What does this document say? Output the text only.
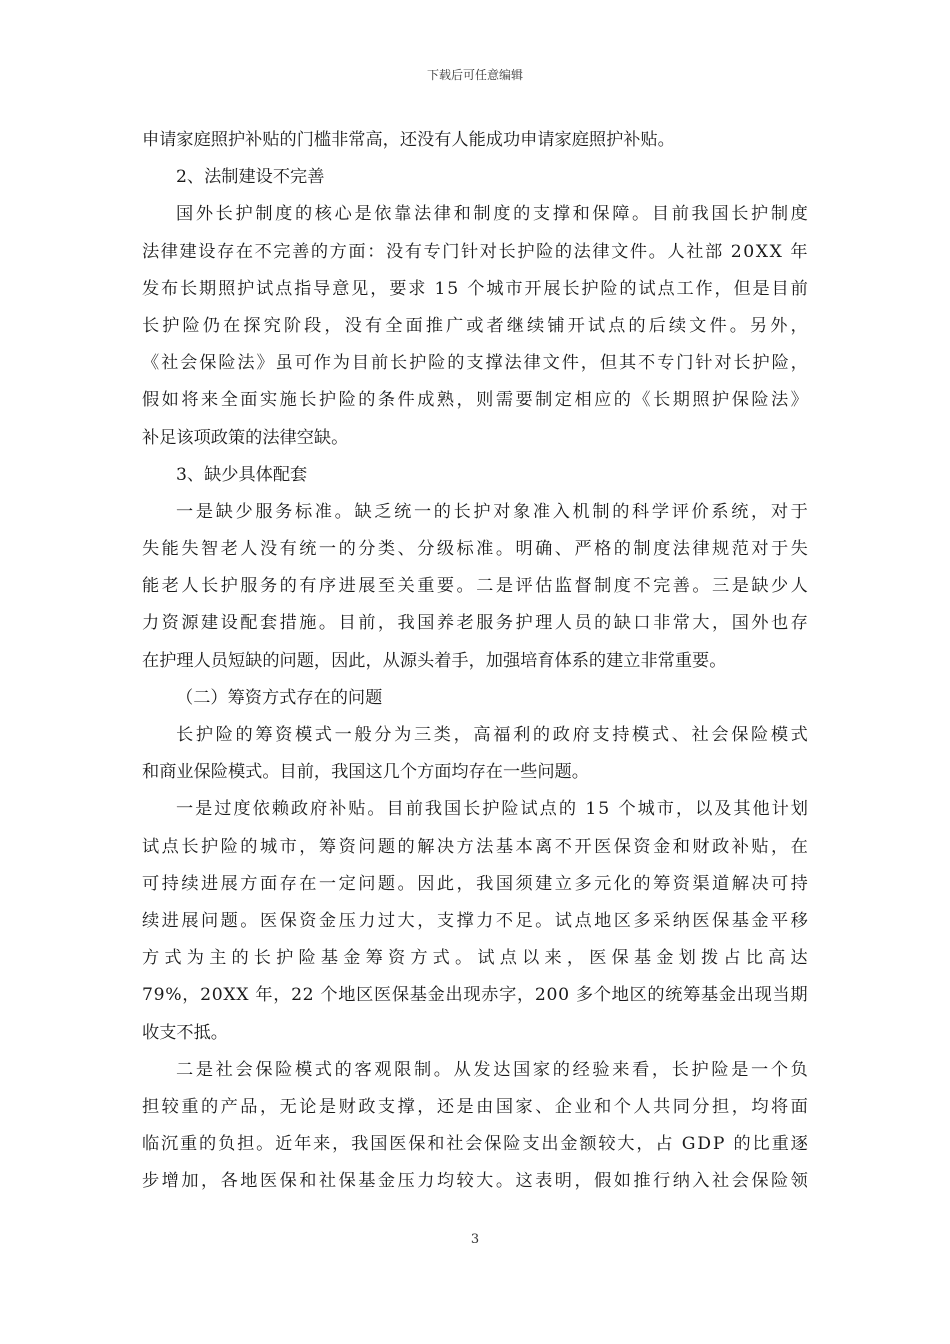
下载后可任意编辑
申请家庭照护补贴的门槛非常高，还没有人能成功申请家庭照护补贴。
2、法制建设不完善
国 外 长 护 制 度 的 核 心 是 依 靠 法 律 和 制 度 的 支 撑 和 保 障 。 目 前 我 国 长 护 制 度
法 律 建 设 存 在 不 完 善 的 方 面 ： 没 有 专 门 针 对 长 护 险 的 法 律 文 件 。 人 社 部
2 0 X X
年
发 布 长 期 照 护 试 点 指 导 意 见 ， 要 求
1 5
个 城 市 开 展 长 护 险 的 试 点 工 作 ， 但 是 目 前
长 护 险 仍 在 探 究 阶 段 ， 没 有 全 面 推 广 或 者 继 续 铺 开 试 点 的 后 续 文 件 。 另 外 ，
《 社 会 保 险 法 》 虽 可 作 为 目 前 长 护 险 的 支 撑 法 律 文 件 ， 但 其 不 专 门 针 对 长 护 险 ，
假 如 将 来 全 面 实 施 长 护 险 的 条 件 成 熟 ， 则 需 要 制 定 相 应 的 《 长 期 照 护 保 险 法 》
补足该项政策的法律空缺。
3、缺少具体配套
一 是 缺 少 服 务 标 准 。 缺 乏 统 一 的 长 护 对 象 准 入 机 制 的 科 学 评 价 系 统 ， 对 于
失 能 失 智 老 人 没 有 统 一 的 分 类 、 分 级 标 准 。 明 确 、 严 格 的 制 度 法 律 规 范 对 于 失
能 老 人 长 护 服 务 的 有 序 进 展 至 关 重 要 。 二 是 评 估 监 督 制 度 不 完 善 。 三 是 缺 少 人
力 资 源 建 设 配 套 措 施 。 目 前 ， 我 国 养 老 服 务 护 理 人 员 的 缺 口 非 常 大 ， 国 外 也 存
在护理人员短缺的问题，因此，从源头着手，加强培育体系的建立非常重要。
（二）筹资方式存在的问题
长 护 险 的 筹 资 模 式 一 般 分 为 三 类 ， 高 福 利 的 政 府 支 持 模 式 、 社 会 保 险 模 式
和商业保险模式。目前，我国这几个方面均存在一些问题。
一 是 过 度 依 赖 政 府 补 贴 。 目 前 我 国 长 护 险 试 点 的
1 5
个 城 市 ， 以 及 其 他 计 划
试 点 长 护 险 的 城 市 ， 筹 资 问 题 的 解 决 方 法 基 本 离 不 开 医 保 资 金 和 财 政 补 贴 ， 在
可 持 续 进 展 方 面 存 在 一 定 问 题 。 因 此 ， 我 国 须 建 立 多 元 化 的 筹 资 渠 道 解 决 可 持
续 进 展 问 题 。 医 保 资 金 压 力 过 大 ， 支 撑 力 不 足 。 试 点 地 区 多 采 纳 医 保 基 金 平 移
方 式 为 主 的 长 护 险 基 金 筹 资 方 式 。 试 点 以 来 ， 医 保 基 金 划 拨 占 比 高 达
7 9 % ， 2 0 X X
年 ， 2 2
个 地 区 医 保 基 金 出 现 赤 字 ， 2 0 0
多 个 地 区 的 统 筹 基 金 出 现 当 期
收支不抵。
二 是 社 会 保 险 模 式 的 客 观 限 制 。 从 发 达 国 家 的 经 验 来 看 ， 长 护 险 是 一 个 负
担 较 重 的 产 品 ， 无 论 是 财 政 支 撑 ， 还 是 由 国 家 、 企 业 和 个 人 共 同 分 担 ， 均 将 面
临 沉 重 的 负 担 。 近 年 来 ， 我 国 医 保 和 社 会 保 险 支 出 金 额 较 大 ， 占
G D P
的 比 重 逐
步 增 加 ， 各 地 医 保 和 社 保 基 金 压 力 均 较 大 。 这 表 明 ， 假 如 推 行 纳 入 社 会 保 险 领
3
